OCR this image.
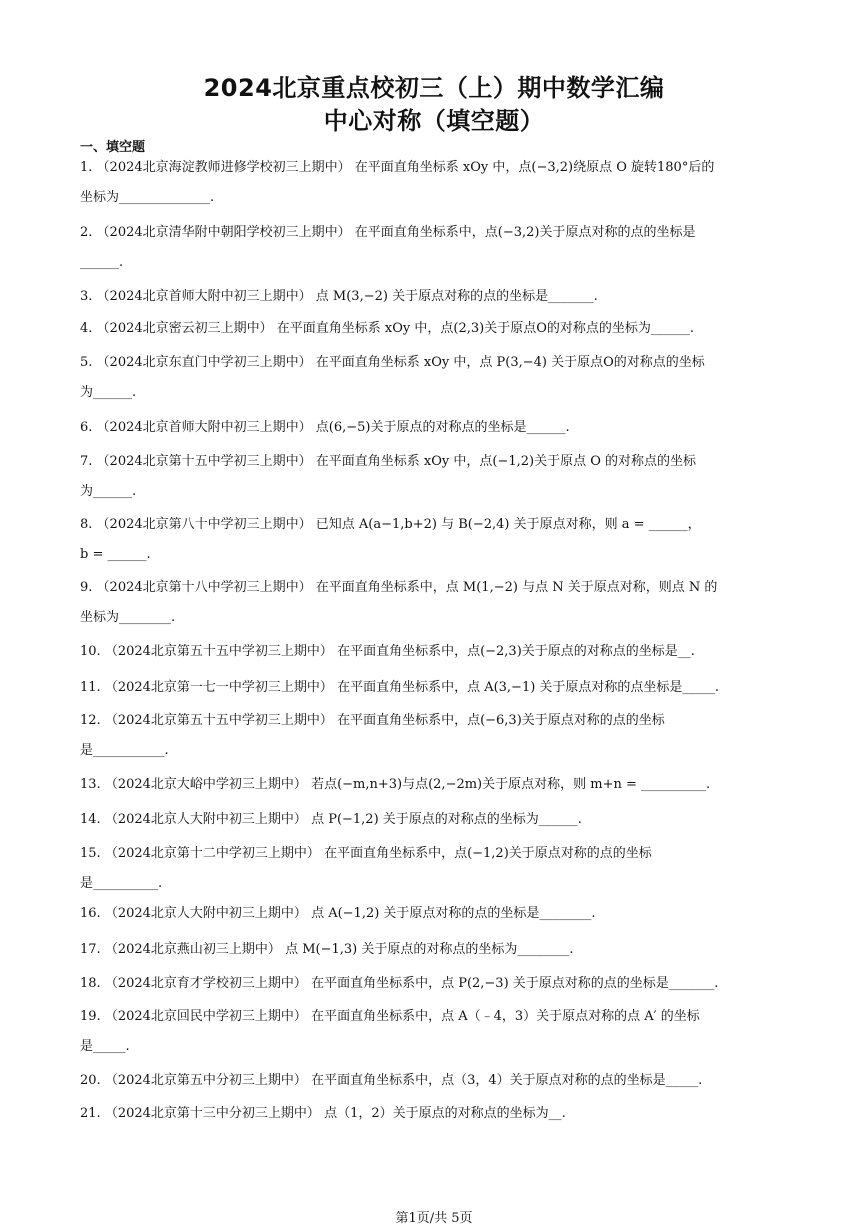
2024北京重点校初三（上）期中数学汇编
中心对称（填空题）
一、填空题
1. （2024北京海淀教师进修学校初三上期中） 在平面直角坐标系 xOy 中，点(−3,2)绕原点 O 旋转180°后的
坐标为______________.
2. （2024北京清华附中朝阳学校初三上期中） 在平面直角坐标系中，点(−3,2)关于原点对称的点的坐标是
______.
3. （2024北京首师大附中初三上期中） 点 M(3,−2) 关于原点对称的点的坐标是_______.
4. （2024北京密云初三上期中） 在平面直角坐标系 xOy 中，点(2,3)关于原点O的对称点的坐标为______.
5. （2024北京东直门中学初三上期中） 在平面直角坐标系 xOy 中，点 P(3,−4) 关于原点O的对称点的坐标
为______.
6. （2024北京首师大附中初三上期中） 点(6,−5)关于原点的对称点的坐标是______.
7. （2024北京第十五中学初三上期中） 在平面直角坐标系 xOy 中，点(−1,2)关于原点 O 的对称点的坐标
为______.
8. （2024北京第八十中学初三上期中） 已知点 A(a−1,b+2) 与 B(−2,4) 关于原点对称，则 a = ______，
b = ______.
9. （2024北京第十八中学初三上期中） 在平面直角坐标系中，点 M(1,−2) 与点 N 关于原点对称，则点 N 的
坐标为________.
10. （2024北京第五十五中学初三上期中） 在平面直角坐标系中，点(−2,3)关于原点的对称点的坐标是__.
11. （2024北京第一七一中学初三上期中） 在平面直角坐标系中，点 A(3,−1) 关于原点对称的点坐标是_____.
12. （2024北京第五十五中学初三上期中） 在平面直角坐标系中，点(−6,3)关于原点对称的点的坐标
是___________.
13. （2024北京大峪中学初三上期中） 若点(−m,n+3)与点(2,−2m)关于原点对称，则 m+n = __________.
14. （2024北京人大附中初三上期中） 点 P(−1,2) 关于原点的对称点的坐标为______.
15. （2024北京第十二中学初三上期中） 在平面直角坐标系中，点(−1,2)关于原点对称的点的坐标
是__________.
16. （2024北京人大附中初三上期中） 点 A(−1,2) 关于原点对称的点的坐标是________.
17. （2024北京燕山初三上期中） 点 M(−1,3) 关于原点的对称点的坐标为________.
18. （2024北京育才学校初三上期中） 在平面直角坐标系中，点 P(2,−3) 关于原点对称的点的坐标是_______.
19. （2024北京回民中学初三上期中） 在平面直角坐标系中，点 A（﹣4，3）关于原点对称的点 A′ 的坐标
是_____.
20. （2024北京第五中分初三上期中） 在平面直角坐标系中，点（3，4）关于原点对称的点的坐标是_____.
21. （2024北京第十三中分初三上期中） 点（1，2）关于原点的对称点的坐标为__.
第1页/共 5页
